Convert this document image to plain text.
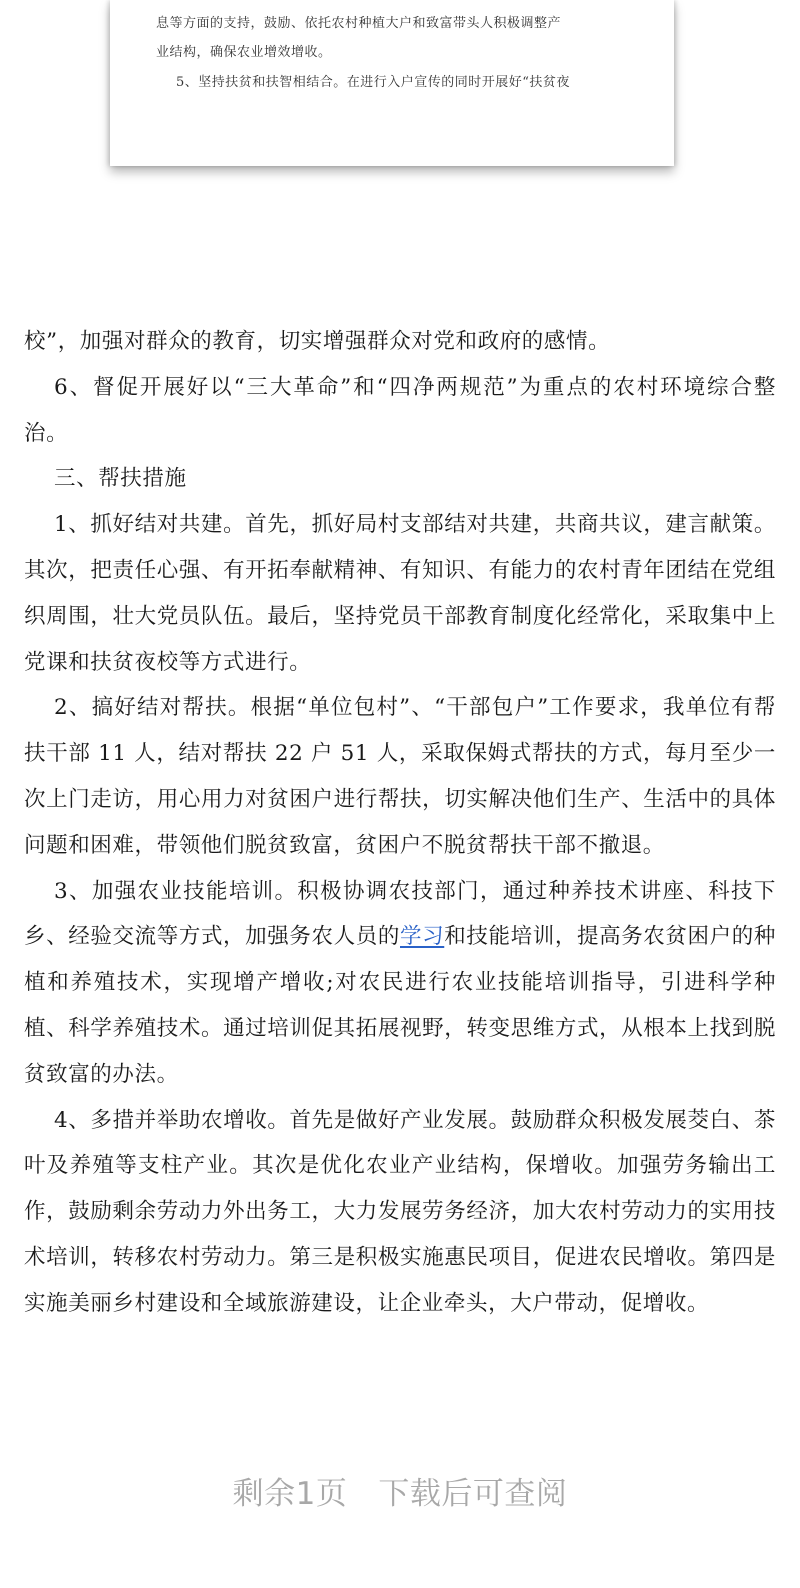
息等方面的支持，鼓励、依托农村种植大户和致富带头人积极调整产
业结构，确保农业增效增收。
5、坚持扶贫和扶智相结合。在进行入户宣传的同时开展好“扶贫夜

校”，加强对群众的教育，切实增强群众对党和政府的感情。

6、督促开展好以“三大革命”和“四净两规范”为重点的农村环境综合整治。

三、帮扶措施

1、抓好结对共建。首先，抓好局村支部结对共建，共商共议，建言献策。其次，把责任心强、有开拓奉献精神、有知识、有能力的农村青年团结在党组织周围，壮大党员队伍。最后，坚持党员干部教育制度化经常化，采取集中上党课和扶贫夜校等方式进行。

2、搞好结对帮扶。根据“单位包村”、“干部包户”工作要求，我单位有帮扶干部 11 人，结对帮扶 22 户 51 人，采取保姆式帮扶的方式，每月至少一次上门走访，用心用力对贫困户进行帮扶，切实解决他们生产、生活中的具体问题和困难，带领他们脱贫致富，贫困户不脱贫帮扶干部不撤退。

3、加强农业技能培训。积极协调农技部门，通过种养技术讲座、科技下乡、经验交流等方式，加强务农人员的学习和技能培训，提高务农贫困户的种植和养殖技术，实现增产增收;对农民进行农业技能培训指导，引进科学种植、科学养殖技术。通过培训促其拓展视野，转变思维方式，从根本上找到脱贫致富的办法。

4、多措并举助农增收。首先是做好产业发展。鼓励群众积极发展茭白、茶叶及养殖等支柱产业。其次是优化农业产业结构，保增收。加强劳务输出工作，鼓励剩余劳动力外出务工，大力发展劳务经济，加大农村劳动力的实用技术培训，转移农村劳动力。第三是积极实施惠民项目，促进农民增收。第四是实施美丽乡村建设和全域旅游建设，让企业牵头，大户带动，促增收。

剩余1页   下载后可查阅
